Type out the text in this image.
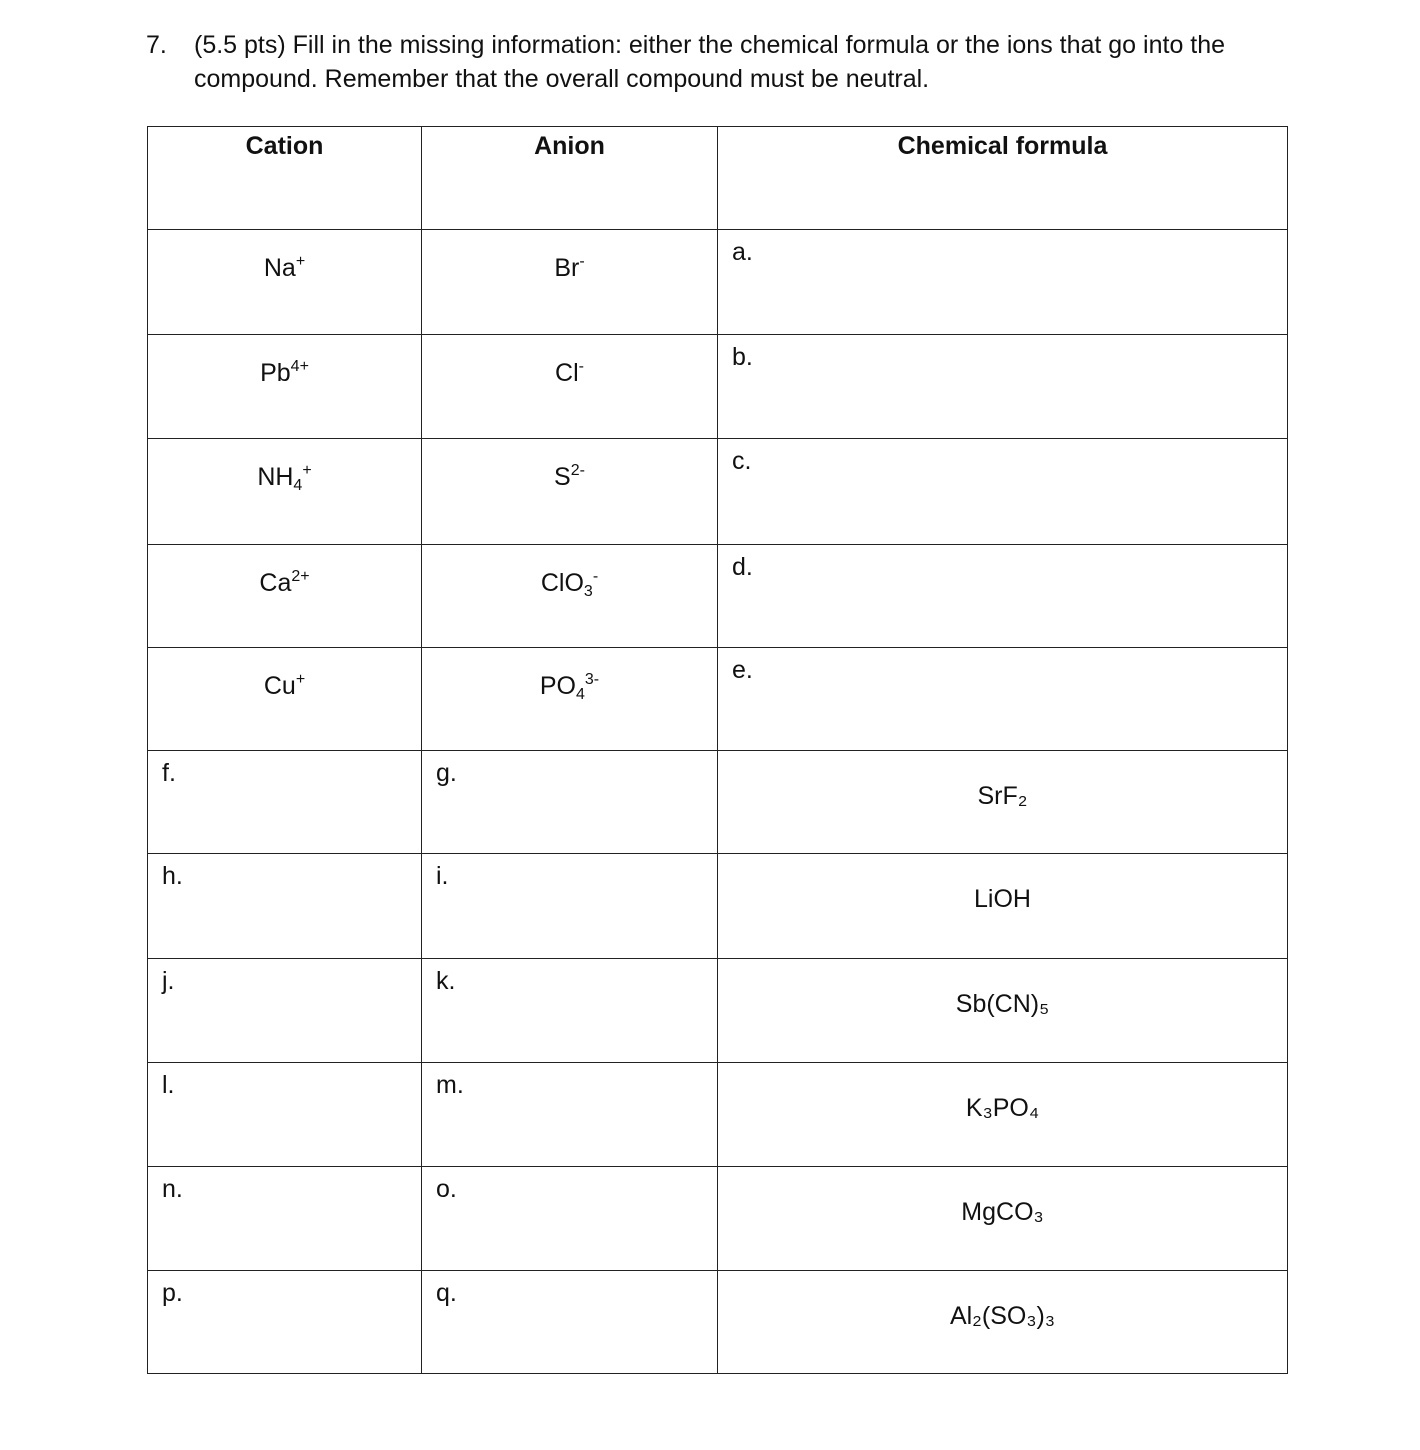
7. (5.5 pts) Fill in the missing information: either the chemical formula or the ions that go into the compound. Remember that the overall compound must be neutral.
Cation	Anion	Chemical formula
Na+	Br-	a.

$Pb^{4+}$	Cl-	b.

$NH_4^+$	$S^{2-}$	c.

$Ca^{2+}$	ClO$_3$-	d.

Cu+	$PO_4^{3-}$	e.

f.	g.	SrF₂

h.	i.	LiOH

j.	k.	Sb(CN)₅

l.	m.	K₃PO₄

n.	o.	MgCO₃

p.	q.	Al₂(SO₃)₃
